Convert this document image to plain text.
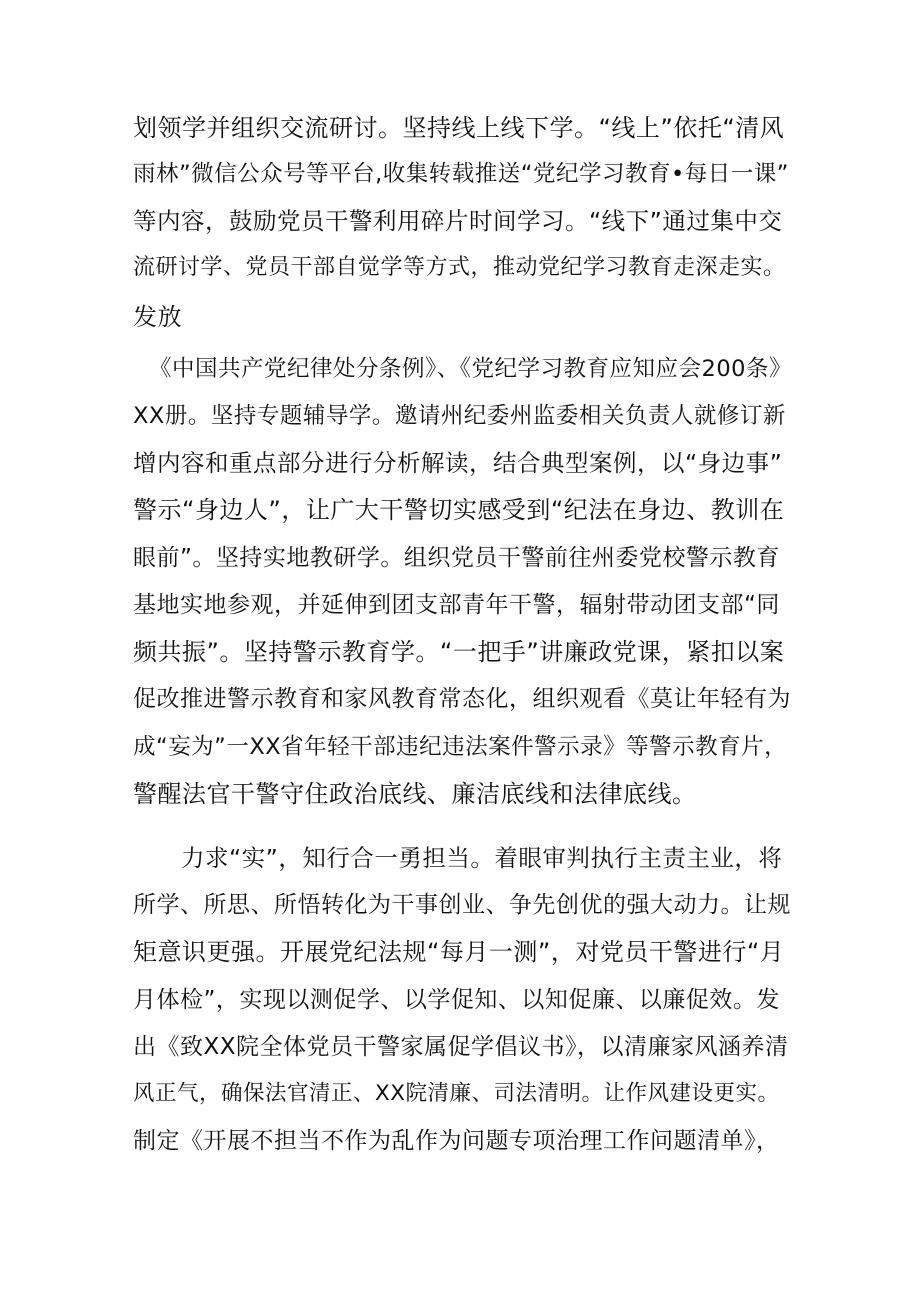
划领学并组织交流研讨。坚持线上线下学。“线上”依托“清风
雨林”微信公众号等平台,收集转载推送“党纪学习教育•每日一课”
等内容，鼓励党员干警利用碎片时间学习。“线下”通过集中交
流研讨学、党员干部自觉学等方式，推动党纪学习教育走深走实。
发放
《中国共产党纪律处分条例》、《党纪学习教育应知应会200条》
XX册。坚持专题辅导学。邀请州纪委州监委相关负责人就修订新
增内容和重点部分进行分析解读，结合典型案例，以“身边事”
警示“身边人”，让广大干警切实感受到“纪法在身边、教训在
眼前”。坚持实地教研学。组织党员干警前往州委党校警示教育
基地实地参观，并延伸到团支部青年干警，辐射带动团支部“同
频共振”。坚持警示教育学。“一把手”讲廉政党课，紧扣以案
促改推进警示教育和家风教育常态化，组织观看《莫让年轻有为
成“妄为”一XX省年轻干部违纪违法案件警示录》等警示教育片，
警醒法官干警守住政治底线、廉洁底线和法律底线。
力求“实”，知行合一勇担当。着眼审判执行主责主业，将
所学、所思、所悟转化为干事创业、争先创优的强大动力。让规
矩意识更强。开展党纪法规“每月一测”，对党员干警进行“月
月体检”，实现以测促学、以学促知、以知促廉、以廉促效。发
出《致XX院全体党员干警家属促学倡议书》，以清廉家风涵养清
风正气，确保法官清正、XX院清廉、司法清明。让作风建设更实。
制定《开展不担当不作为乱作为问题专项治理工作问题清单》，
